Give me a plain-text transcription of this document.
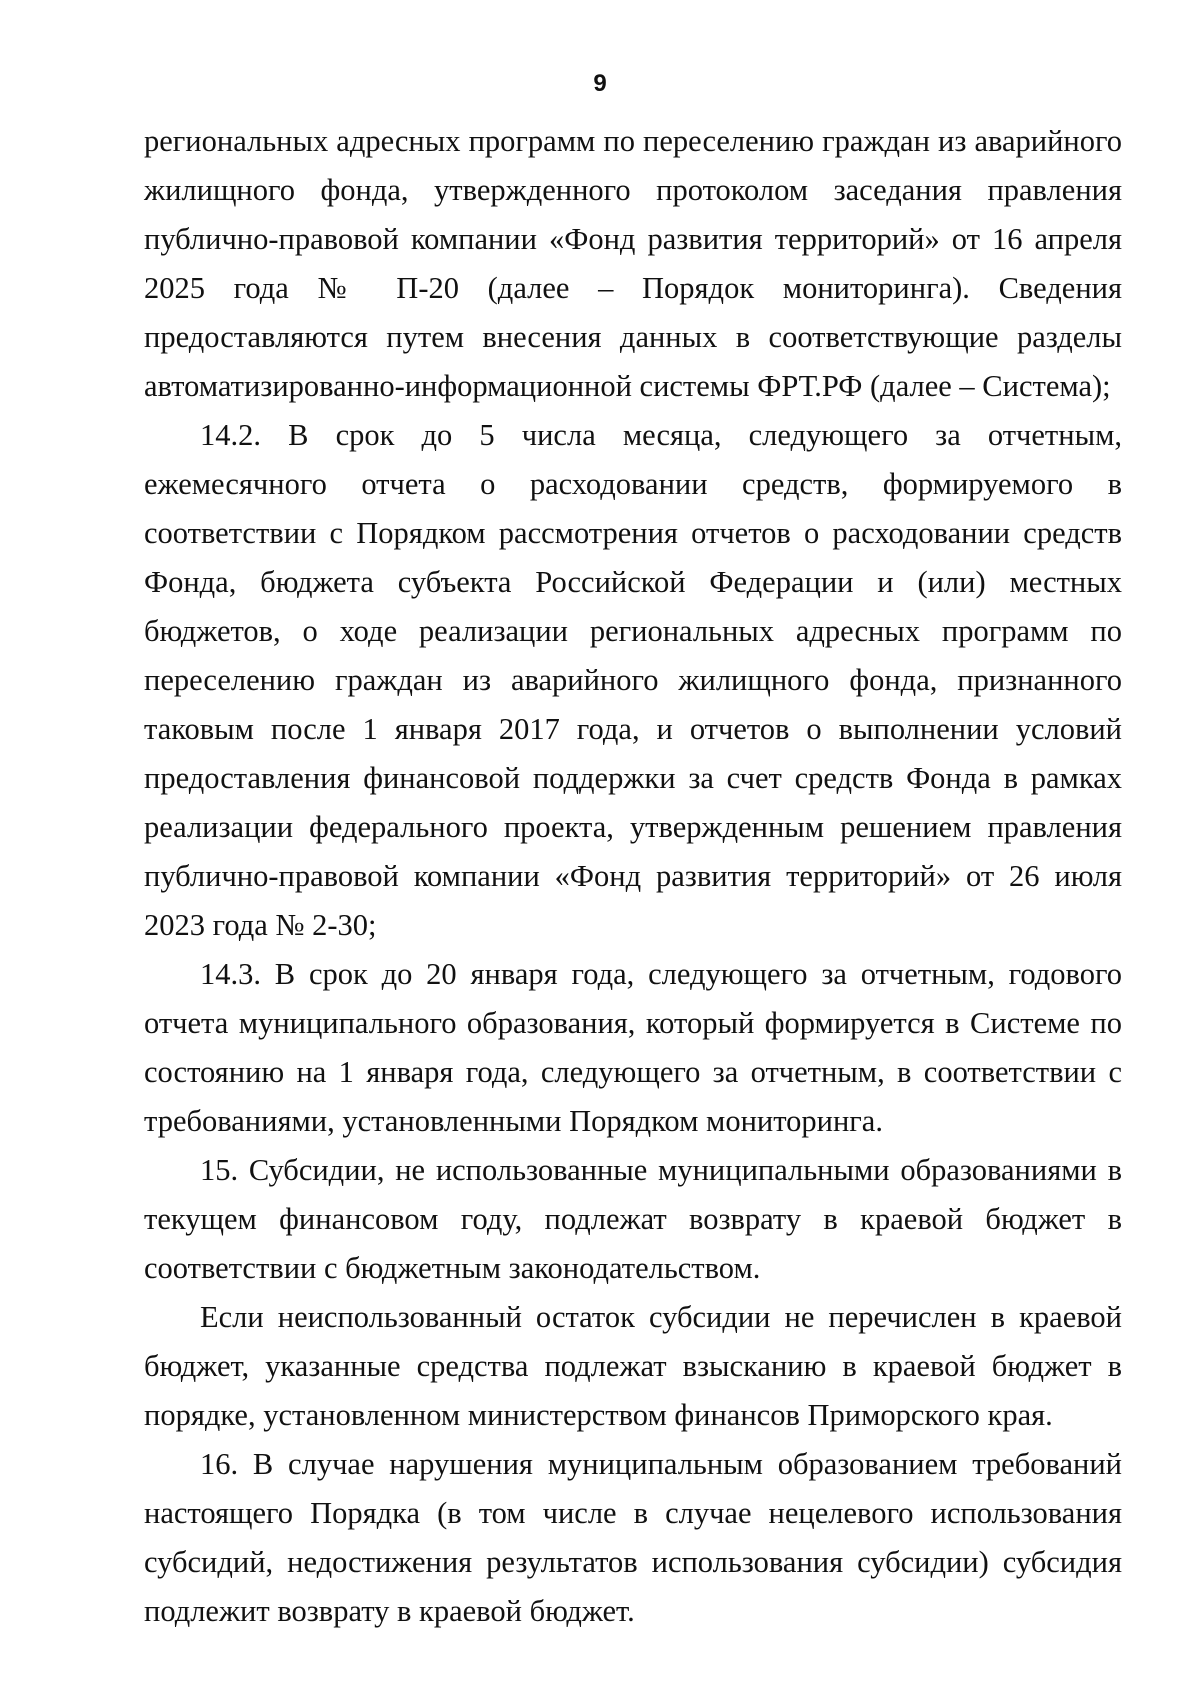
9

региональных адресных программ по переселению граждан из аварийного жилищного фонда, утвержденного протоколом заседания правления публично-правовой компании «Фонд развития территорий» от 16 апреля 2025 года № П-20 (далее – Порядок мониторинга). Сведения предоставляются путем внесения данных в соответствующие разделы автоматизированно-информационной системы ФРТ.РФ (далее – Система);

14.2. В срок до 5 числа месяца, следующего за отчетным, ежемесячного отчета о расходовании средств, формируемого в соответствии с Порядком рассмотрения отчетов о расходовании средств Фонда, бюджета субъекта Российской Федерации и (или) местных бюджетов, о ходе реализации региональных адресных программ по переселению граждан из аварийного жилищного фонда, признанного таковым после 1 января 2017 года, и отчетов о выполнении условий предоставления финансовой поддержки за счет средств Фонда в рамках реализации федерального проекта, утвержденным решением правления публично-правовой компании «Фонд развития территорий» от 26 июля 2023 года № 2-30;

14.3. В срок до 20 января года, следующего за отчетным, годового отчета муниципального образования, который формируется в Системе по состоянию на 1 января года, следующего за отчетным, в соответствии с требованиями, установленными Порядком мониторинга.

15. Субсидии, не использованные муниципальными образованиями в текущем финансовом году, подлежат возврату в краевой бюджет в соответствии с бюджетным законодательством.

Если неиспользованный остаток субсидии не перечислен в краевой бюджет, указанные средства подлежат взысканию в краевой бюджет в порядке, установленном министерством финансов Приморского края.

16. В случае нарушения муниципальным образованием требований настоящего Порядка (в том числе в случае нецелевого использования субсидий, недостижения результатов использования субсидии) субсидия подлежит возврату в краевой бюджет.
